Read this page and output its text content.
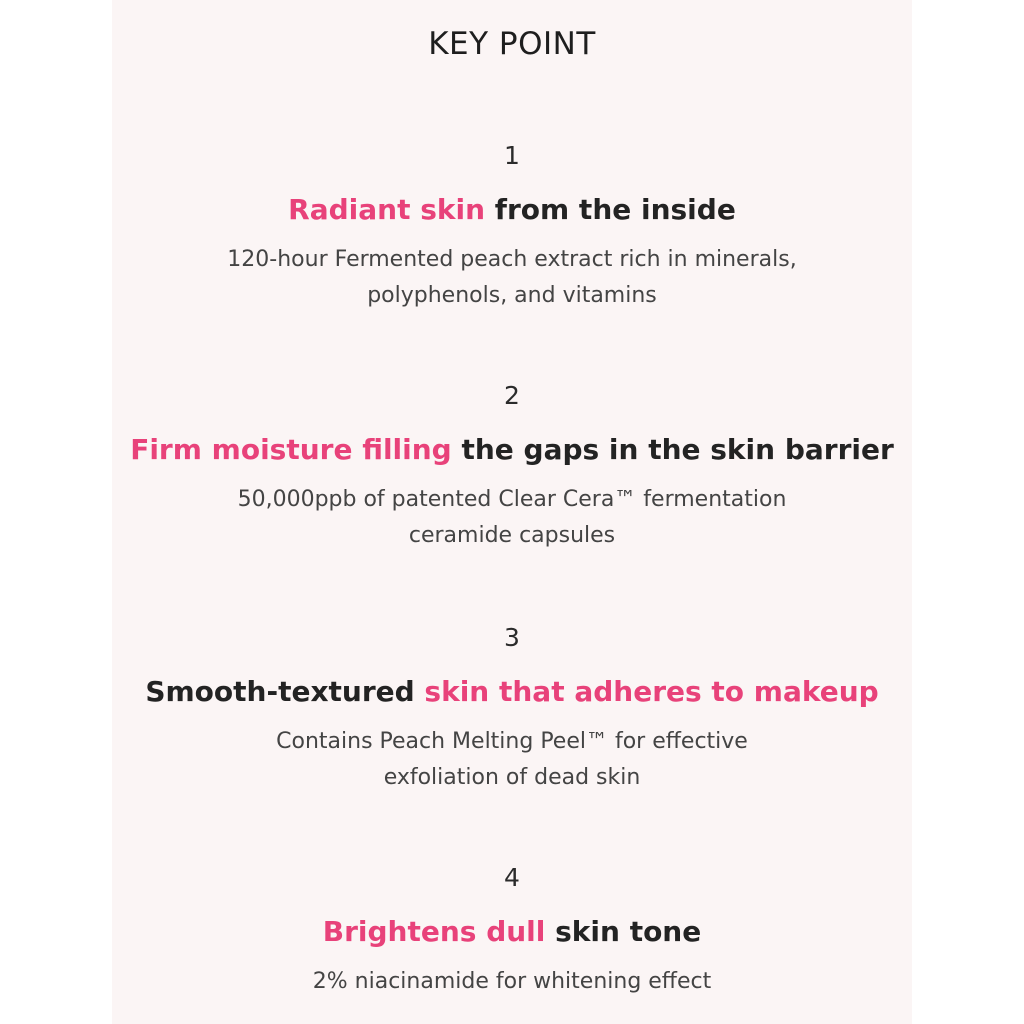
KEY POINT
1
Radiant skin from the inside
120-hour Fermented peach extract rich in minerals,
polyphenols, and vitamins
2
Firm moisture filling the gaps in the skin barrier
50,000ppb of patented Clear Cera™ fermentation
ceramide capsules
3
Smooth-textured skin that adheres to makeup
Contains Peach Melting Peel™ for effective
exfoliation of dead skin
4
Brightens dull skin tone
2% niacinamide for whitening effect
